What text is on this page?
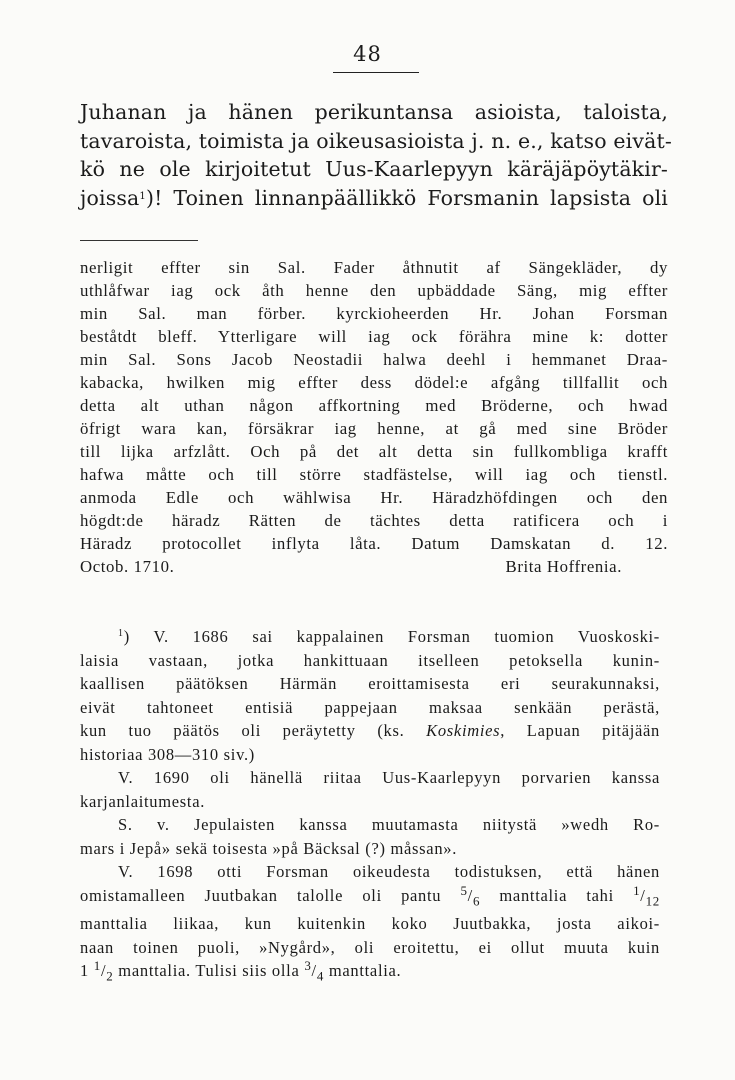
48
Juhanan ja hänen perikuntansa asioista, taloista,
tavaroista, toimista ja oikeusasioista j. n. e., katso eivät-
kö ne ole kirjoitetut Uus-Kaarlepyyn käräjäpöytäkir-
joissa$^1$)! Toinen linnanpäällikkö Forsmanin lapsista oli
nerligit effter sin Sal. Fader åthnutit af Sängekläder, dy
uthlåfwar iag ock åth henne den upbäddade Säng, mig effter
min Sal. man förber. kyrckioheerden Hr. Johan Forsman
beståtdt bleff. Ytterligare will iag ock förähra mine k: dotter
min Sal. Sons Jacob Neostadii halwa deehl i hemmanet Draa-
kabacka, hwilken mig effter dess dödel:e afgång tillfallit och
detta alt uthan någon affkortning med Bröderne, och hwad
öfrigt wara kan, försäkrar iag henne, at gå med sine Bröder
till lijka arfzlått. Och på det alt detta sin fullkombliga krafft
hafwa måtte och till större stadfästelse, will iag och tienstl.
anmoda Edle och wählwisa Hr. Häradzhöfdingen och den
högdt:de häradz Rätten de tächtes detta ratificera och i
Häradz protocollet inflyta låta. Datum Damskatan d. 12.
Octob. 1710.	Brita Hoffrenia.
$^1$) V. 1686 sai kappalainen Forsman tuomion Vuoskoski-
laisia vastaan, jotka hankittuaan itselleen petoksella kunin-
kaallisen päätöksen Härmän eroittamisesta eri seurakunnaksi,
eivät tahtoneet entisiä pappejaan maksaa senkään perästä,
kun tuo päätös oli peräytetty (ks. Koskimies, Lapuan pitäjään
historiaa 308—310 siv.)
V. 1690 oli hänellä riitaa Uus-Kaarlepyyn porvarien kanssa
karjanlaitumesta.
S. v. Jepulaisten kanssa muutamasta niitystä »wedh Ro-
mars i Jepå» sekä toisesta »på Bäcksal (?) måssan».
V. 1698 otti Forsman oikeudesta todistuksen, että hänen
omistamalleen Juutbakan talolle oli pantu $^5/_6$ manttalia tahi $^1/_{12}$
manttalia liikaa, kun kuitenkin koko Juutbakka, josta aikoi-
naan toinen puoli, »Nygård», oli eroitettu, ei ollut muuta kuin
1 $^1/_2$ manttalia. Tulisi siis olla $^3/_4$ manttalia.
